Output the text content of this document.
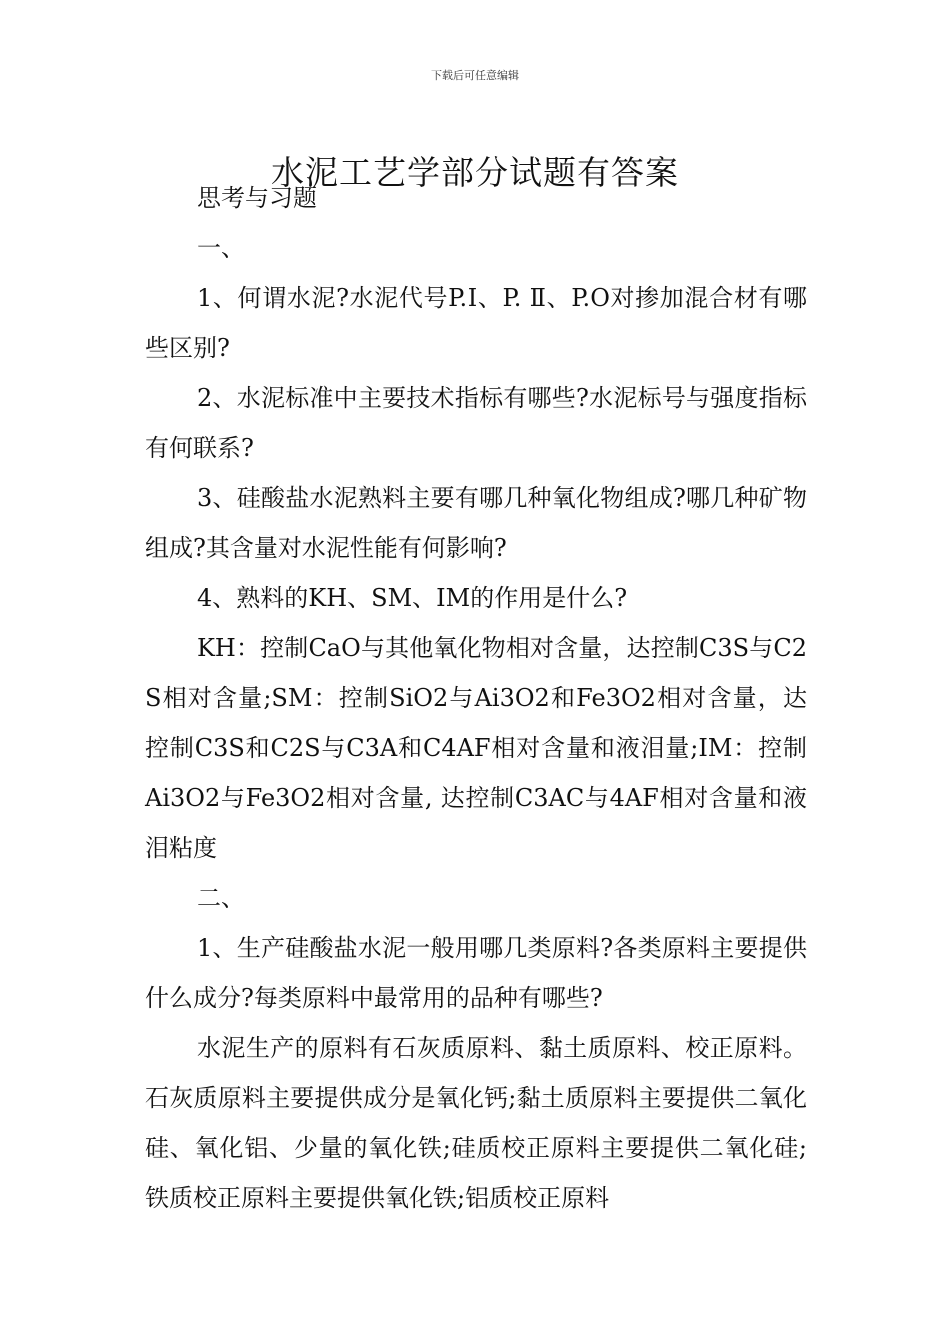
下载后可任意编辑
水泥工艺学部分试题有答案

思考与习题

一、

1、何谓水泥?水泥代号P.Ⅰ、P. Ⅱ、P.O对掺加混合材有哪些区别?

2、水泥标准中主要技术指标有哪些?水泥标号与强度指标有何联系?

3、硅酸盐水泥熟料主要有哪几种氧化物组成?哪几种矿物组成?其含量对水泥性能有何影响?

4、熟料的KH、SM、IM的作用是什么?

KH：控制CaO与其他氧化物相对含量，达控制C3S与C2S相对含量;SM：控制SiO2与Ai3O2和Fe3O2相对含量，达控制C3S和C2S与C3A和C4AF相对含量和液泪量;IM：控制Ai3O2与Fe3O2相对含量, 达控制C3AC与4AF相对含量和液泪粘度

二、

1、生产硅酸盐水泥一般用哪几类原料?各类原料主要提供什么成分?每类原料中最常用的品种有哪些?

水泥生产的原料有石灰质原料、黏土质原料、校正原料。石灰质原料主要提供成分是氧化钙;黏土质原料主要提供二氧化硅、氧化铝、少量的氧化铁;硅质校正原料主要提供二氧化硅;铁质校正原料主要提供氧化铁;铝质校正原料
